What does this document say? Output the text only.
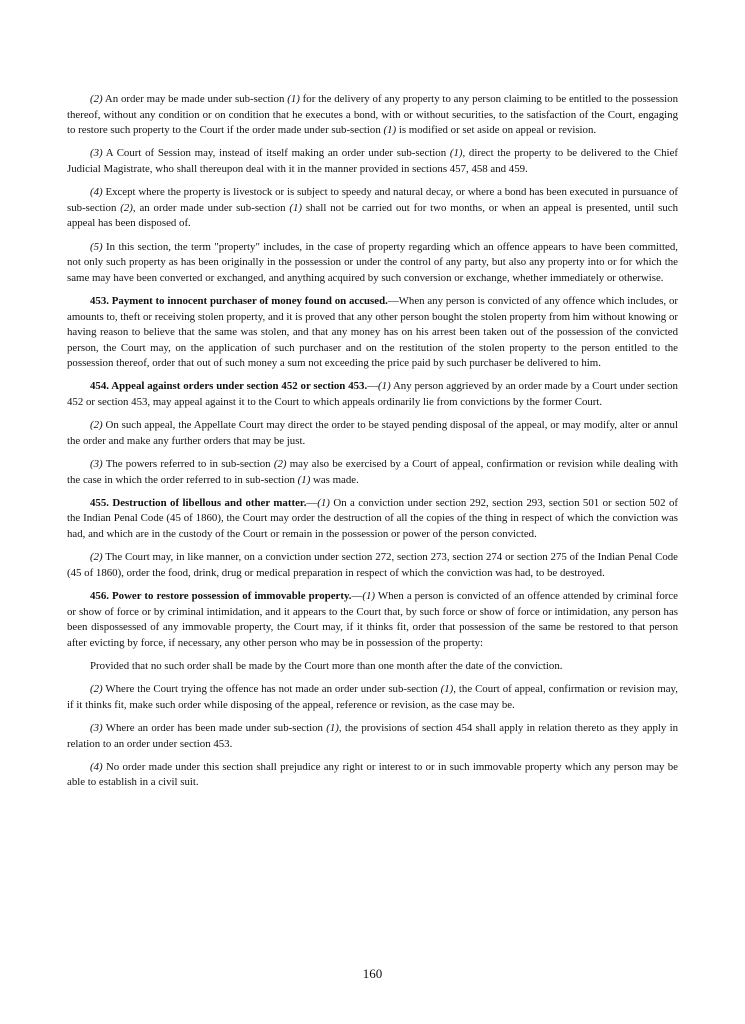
(2) An order may be made under sub-section (1) for the delivery of any property to any person claiming to be entitled to the possession thereof, without any condition or on condition that he executes a bond, with or without securities, to the satisfaction of the Court, engaging to restore such property to the Court if the order made under sub-section (1) is modified or set aside on appeal or revision.

(3) A Court of Session may, instead of itself making an order under sub-section (1), direct the property to be delivered to the Chief Judicial Magistrate, who shall thereupon deal with it in the manner provided in sections 457, 458 and 459.

(4) Except where the property is livestock or is subject to speedy and natural decay, or where a bond has been executed in pursuance of sub-section (2), an order made under sub-section (1) shall not be carried out for two months, or when an appeal is presented, until such appeal has been disposed of.

(5) In this section, the term "property" includes, in the case of property regarding which an offence appears to have been committed, not only such property as has been originally in the possession or under the control of any party, but also any property into or for which the same may have been converted or exchanged, and anything acquired by such conversion or exchange, whether immediately or otherwise.

453. Payment to innocent purchaser of money found on accused.—When any person is convicted of any offence which includes, or amounts to, theft or receiving stolen property, and it is proved that any other person bought the stolen property from him without knowing or having reason to believe that the same was stolen, and that any money has on his arrest been taken out of the possession of the convicted person, the Court may, on the application of such purchaser and on the restitution of the stolen property to the person entitled to the possession thereof, order that out of such money a sum not exceeding the price paid by such purchaser be delivered to him.

454. Appeal against orders under section 452 or section 453.—(1) Any person aggrieved by an order made by a Court under section 452 or section 453, may appeal against it to the Court to which appeals ordinarily lie from convictions by the former Court.

(2) On such appeal, the Appellate Court may direct the order to be stayed pending disposal of the appeal, or may modify, alter or annul the order and make any further orders that may be just.

(3) The powers referred to in sub-section (2) may also be exercised by a Court of appeal, confirmation or revision while dealing with the case in which the order referred to in sub-section (1) was made.

455. Destruction of libellous and other matter.—(1) On a conviction under section 292, section 293, section 501 or section 502 of the Indian Penal Code (45 of 1860), the Court may order the destruction of all the copies of the thing in respect of which the conviction was had, and which are in the custody of the Court or remain in the possession or power of the person convicted.

(2) The Court may, in like manner, on a conviction under section 272, section 273, section 274 or section 275 of the Indian Penal Code (45 of 1860), order the food, drink, drug or medical preparation in respect of which the conviction was had, to be destroyed.

456. Power to restore possession of immovable property.—(1) When a person is convicted of an offence attended by criminal force or show of force or by criminal intimidation, and it appears to the Court that, by such force or show of force or intimidation, any person has been dispossessed of any immovable property, the Court may, if it thinks fit, order that possession of the same be restored to that person after evicting by force, if necessary, any other person who may be in possession of the property:

Provided that no such order shall be made by the Court more than one month after the date of the conviction.

(2) Where the Court trying the offence has not made an order under sub-section (1), the Court of appeal, confirmation or revision may, if it thinks fit, make such order while disposing of the appeal, reference or revision, as the case may be.

(3) Where an order has been made under sub-section (1), the provisions of section 454 shall apply in relation thereto as they apply in relation to an order under section 453.

(4) No order made under this section shall prejudice any right or interest to or in such immovable property which any person may be able to establish in a civil suit.

160
